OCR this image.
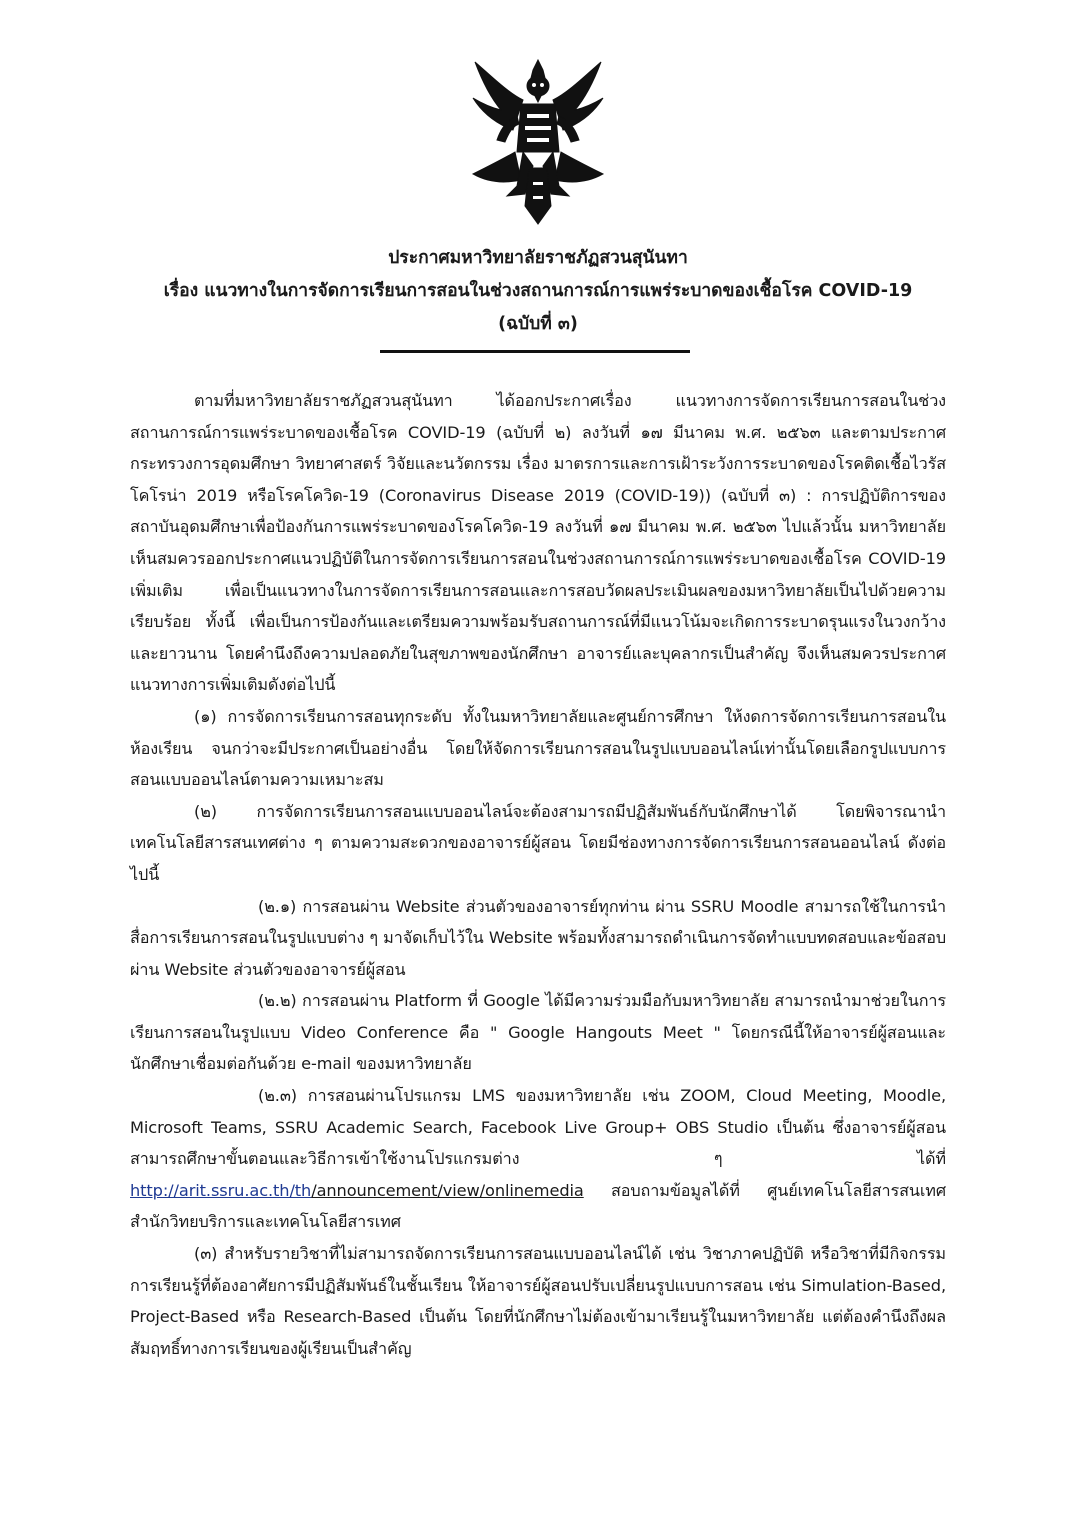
ประกาศมหาวิทยาลัยราชภัฏสวนสุนันทา
เรื่อง แนวทางในการจัดการเรียนการสอนในช่วงสถานการณ์การแพร่ระบาดของเชื้อโรค COVID-19
(ฉบับที่ ๓)

ตามที่มหาวิทยาลัยราชภัฏสวนสุนันทา ได้ออกประกาศเรื่อง แนวทางการจัดการเรียนการสอนในช่วงสถานการณ์การแพร่ระบาดของเชื้อโรค COVID-19 (ฉบับที่ ๒) ลงวันที่ ๑๗ มีนาคม พ.ศ. ๒๕๖๓ และตามประกาศกระทรวงการอุดมศึกษา วิทยาศาสตร์ วิจัยและนวัตกรรม เรื่อง มาตรการและการเฝ้าระวังการระบาดของโรคติดเชื้อไวรัสโคโรน่า 2019 หรือโรคโควิด-19 (Coronavirus Disease 2019 (COVID-19)) (ฉบับที่ ๓) : การปฏิบัติการของสถาบันอุดมศึกษาเพื่อป้องกันการแพร่ระบาดของโรคโควิด-19 ลงวันที่ ๑๗ มีนาคม พ.ศ. ๒๕๖๓ ไปแล้วนั้น มหาวิทยาลัยเห็นสมควรออกประกาศแนวปฏิบัติในการจัดการเรียนการสอนในช่วงสถานการณ์การแพร่ระบาดของเชื้อโรค COVID-19 เพิ่มเติม เพื่อเป็นแนวทางในการจัดการเรียนการสอนและการสอบวัดผลประเมินผลของมหาวิทยาลัยเป็นไปด้วยความเรียบร้อย ทั้งนี้ เพื่อเป็นการป้องกันและเตรียมความพร้อมรับสถานการณ์ที่มีแนวโน้มจะเกิดการระบาดรุนแรงในวงกว้างและยาวนาน โดยคำนึงถึงความปลอดภัยในสุขภาพของนักศึกษา อาจารย์และบุคลากรเป็นสำคัญ จึงเห็นสมควรประกาศแนวทางการเพิ่มเติมดังต่อไปนี้

(๑) การจัดการเรียนการสอนทุกระดับ ทั้งในมหาวิทยาลัยและศูนย์การศึกษา ให้งดการจัดการเรียนการสอนในห้องเรียน จนกว่าจะมีประกาศเป็นอย่างอื่น โดยให้จัดการเรียนการสอนในรูปแบบออนไลน์เท่านั้นโดยเลือกรูปแบบการสอนแบบออนไลน์ตามความเหมาะสม

(๒) การจัดการเรียนการสอนแบบออนไลน์จะต้องสามารถมีปฏิสัมพันธ์กับนักศึกษาได้ โดยพิจารณานำเทคโนโลยีสารสนเทศต่าง ๆ ตามความสะดวกของอาจารย์ผู้สอน โดยมีช่องทางการจัดการเรียนการสอนออนไลน์ ดังต่อไปนี้

(๒.๑) การสอนผ่าน Website ส่วนตัวของอาจารย์ทุกท่าน ผ่าน SSRU Moodle สามารถใช้ในการนำสื่อการเรียนการสอนในรูปแบบต่าง ๆ มาจัดเก็บไว้ใน Website พร้อมทั้งสามารถดำเนินการจัดทำแบบทดสอบและข้อสอบ ผ่าน Website ส่วนตัวของอาจารย์ผู้สอน

(๒.๒) การสอนผ่าน Platform ที่ Google ได้มีความร่วมมือกับมหาวิทยาลัย สามารถนำมาช่วยในการเรียนการสอนในรูปแบบ Video Conference คือ " Google Hangouts Meet " โดยกรณีนี้ให้อาจารย์ผู้สอนและนักศึกษาเชื่อมต่อกันด้วย e-mail ของมหาวิทยาลัย

(๒.๓) การสอนผ่านโปรแกรม LMS ของมหาวิทยาลัย เช่น ZOOM, Cloud Meeting, Moodle, Microsoft Teams, SSRU Academic Search, Facebook Live Group+ OBS Studio เป็นต้น ซึ่งอาจารย์ผู้สอนสามารถศึกษาขั้นตอนและวิธีการเข้าใช้งานโปรแกรมต่าง ๆ ได้ที่ http://arit.ssru.ac.th/th/announcement/view/onlinemedia สอบถามข้อมูลได้ที่ ศูนย์เทคโนโลยีสารสนเทศ สำนักวิทยบริการและเทคโนโลยีสารเทศ

(๓) สำหรับรายวิชาที่ไม่สามารถจัดการเรียนการสอนแบบออนไลน์ได้ เช่น วิชาภาคปฏิบัติ หรือวิชาที่มีกิจกรรมการเรียนรู้ที่ต้องอาศัยการมีปฏิสัมพันธ์ในชั้นเรียน ให้อาจารย์ผู้สอนปรับเปลี่ยนรูปแบบการสอน เช่น Simulation-Based, Project-Based หรือ Research-Based เป็นต้น โดยที่นักศึกษาไม่ต้องเข้ามาเรียนรู้ในมหาวิทยาลัย แต่ต้องคำนึงถึงผลสัมฤทธิ์ทางการเรียนของผู้เรียนเป็นสำคัญ
